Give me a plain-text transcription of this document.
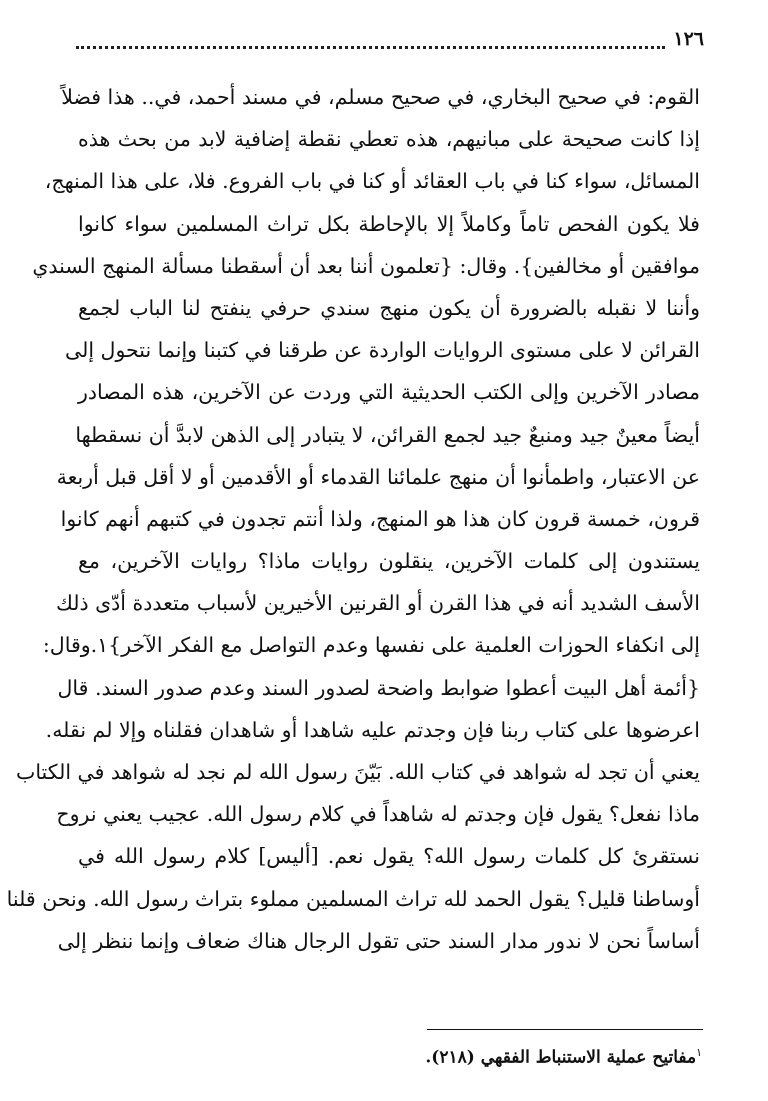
١٢٦
القوم: في صحيح البخاري، في صحيح مسلم، في مسند أحمد، في.. هذا فضلاً
إذا كانت صحيحة على مبانيهم، هذه تعطي نقطة إضافية لابد من بحث هذه
المسائل، سواء كنا في باب العقائد أو كنا في باب الفروع. فلا، على هذا المنهج،
فلا يكون الفحص تاماً وكاملاً إلا بالإحاطة بكل تراث المسلمين سواء كانوا
موافقين أو مخالفين}. وقال: {تعلمون أننا بعد أن أسقطنا مسألة المنهج السندي
وأننا لا نقبله بالضرورة أن يكون منهج سندي حرفي ينفتح لنا الباب لجمع
القرائن لا على مستوى الروايات الواردة عن طرقنا في كتبنا وإنما نتحول إلى
مصادر الآخرين وإلى الكتب الحديثية التي وردت عن الآخرين، هذه المصادر
أيضاً معينٌ جيد ومنبعٌ جيد لجمع القرائن، لا يتبادر إلى الذهن لابدَّ أن نسقطها
عن الاعتبار، واطمأنوا أن منهج علمائنا القدماء أو الأقدمين أو لا أقل قبل أربعة
قرون، خمسة قرون كان هذا هو المنهج، ولذا أنتم تجدون في كتبهم أنهم كانوا
يستندون إلى كلمات الآخرين، ينقلون روايات ماذا؟ روايات الآخرين، مع
الأسف الشديد أنه في هذا القرن أو القرنين الأخيرين لأسباب متعددة أدّى ذلك
إلى انكفاء الحوزات العلمية على نفسها وعدم التواصل مع الفكر الآخر}١.وقال:
{أئمة أهل البيت أعطوا ضوابط واضحة لصدور السند وعدم صدور السند. قال
اعرضوها على كتاب ربنا فإن وجدتم عليه شاهدا أو شاهدان فقلناه وإلا لم نقله.
يعني أن تجد له شواهد في كتاب الله. بَيّنَ رسول الله لم نجد له شواهد في الكتاب
ماذا نفعل؟ يقول فإن وجدتم له شاهداً في كلام رسول الله. عجيب يعني نروح
نستقرئ كل كلمات رسول الله؟ يقول نعم. [أليس] كلام رسول الله في
أوساطنا قليل؟ يقول الحمد لله تراث المسلمين مملوء بتراث رسول الله. ونحن قلنا
أساساً نحن لا ندور مدار السند حتى تقول الرجال هناك ضعاف وإنما ننظر إلى
$^١$مفاتيح عملية الاستنباط الفقهي (٢١٨).
